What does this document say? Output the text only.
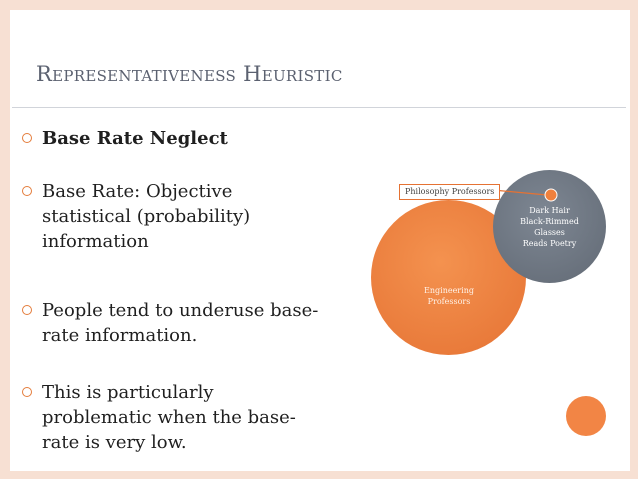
Representativeness Heuristic
Base Rate Neglect
Base Rate: Objective
statistical (probability)
information
People tend to underuse base-
rate information.
This is particularly
problematic when the base-
rate is very low.
Engineering
Professors
Dark Hair
Black-Rimmed
Glasses
Reads Poetry
Philosophy Professors
